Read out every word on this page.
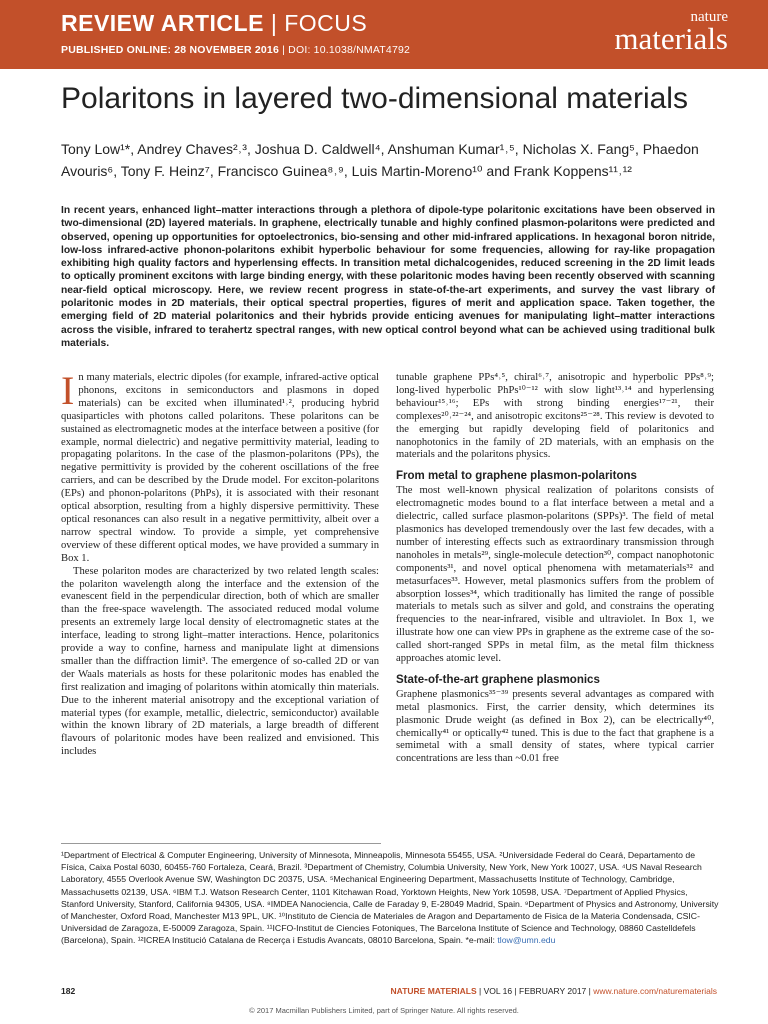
REVIEW ARTICLE | FOCUS
PUBLISHED ONLINE: 28 NOVEMBER 2016 | DOI: 10.1038/NMAT4792
nature
materials
Polaritons in layered two-dimensional materials
Tony Low¹*, Andrey Chaves²˒³, Joshua D. Caldwell⁴, Anshuman Kumar¹˒⁵, Nicholas X. Fang⁵, Phaedon Avouris⁶, Tony F. Heinz⁷, Francisco Guinea⁸˒⁹, Luis Martin-Moreno¹⁰ and Frank Koppens¹¹˒¹²
In recent years, enhanced light–matter interactions through a plethora of dipole-type polaritonic excitations have been observed in two-dimensional (2D) layered materials. In graphene, electrically tunable and highly confined plasmon-polaritons were predicted and observed, opening up opportunities for optoelectronics, bio-sensing and other mid-infrared applications. In hexagonal boron nitride, low-loss infrared-active phonon-polaritons exhibit hyperbolic behaviour for some frequencies, allowing for ray-like propagation exhibiting high quality factors and hyperlensing effects. In transition metal dichalcogenides, reduced screening in the 2D limit leads to optically prominent excitons with large binding energy, with these polaritonic modes having been recently observed with scanning near-field optical microscopy. Here, we review recent progress in state-of-the-art experiments, and survey the vast library of polaritonic modes in 2D materials, their optical spectral properties, figures of merit and application space. Taken together, the emerging field of 2D material polaritonics and their hybrids provide enticing avenues for manipulating light–matter interactions across the visible, infrared to terahertz spectral ranges, with new optical control beyond what can be achieved using traditional bulk materials.

In many materials, electric dipoles (for example, infrared-active optical phonons, excitons in semiconductors and plasmons in doped materials) can be excited when illuminated¹˒², producing hybrid quasiparticles with photons called polaritons. These polaritons can be sustained as electromagnetic modes at the interface between a positive (for example, normal dielectric) and negative permittivity material, leading to propagating polaritons. In the case of the plasmon-polaritons (PPs), the negative permittivity is provided by the coherent oscillations of the free carriers, and can be described by the Drude model. For exciton-polaritons (EPs) and phonon-polaritons (PhPs), it is associated with their resonant optical absorption, resulting from a highly dispersive permittivity. These optical resonances can also result in a negative permittivity, albeit over a narrow spectral window. To provide a simple, yet comprehensive overview of these different optical modes, we have provided a summary in Box 1.

These polariton modes are characterized by two related length scales: the polariton wavelength along the interface and the extension of the evanescent field in the perpendicular direction, both of which are smaller than the free-space wavelength. The associated reduced modal volume presents an extremely large local density of electromagnetic states at the interface, leading to strong light–matter interactions. Hence, polaritonics provide a way to confine, harness and manipulate light at dimensions smaller than the diffraction limit³. The emergence of so-called 2D or van der Waals materials as hosts for these polaritonic modes has enabled the first realization and imaging of polaritons within atomically thin materials. Due to the inherent material anisotropy and the exceptional variation of material types (for example, metallic, dielectric, semiconductor) available within the known library of 2D materials, a large breadth of different flavours of polaritonic modes have been realized and envisioned. This includes

tunable graphene PPs⁴˒⁵, chiral⁶˒⁷, anisotropic and hyperbolic PPs⁸˒⁹; long-lived hyperbolic PhPs¹⁰⁻¹² with slow light¹³˒¹⁴ and hyperlensing behaviour¹⁵˒¹⁶; EPs with strong binding energies¹⁷⁻²¹, their complexes²⁰˒²²⁻²⁴, and anisotropic excitons²⁵⁻²⁸. This review is devoted to the emerging but rapidly developing field of polaritonics and nanophotonics in the family of 2D materials, with an emphasis on the materials and the polaritons physics.

From metal to graphene plasmon-polaritons

The most well-known physical realization of polaritons consists of electromagnetic modes bound to a flat interface between a metal and a dielectric, called surface plasmon-polaritons (SPPs)³. The field of metal plasmonics has developed tremendously over the last few decades, with a number of interesting effects such as extraordinary transmission through nanoholes in metals²⁹, single-molecule detection³⁰, compact nanophotonic components³¹, and novel optical phenomena with metamaterials³² and metasurfaces³³. However, metal plasmonics suffers from the problem of absorption losses³⁴, which traditionally has limited the range of possible materials to metals such as silver and gold, and constrains the operating frequencies to the near-infrared, visible and ultraviolet. In Box 1, we illustrate how one can view PPs in graphene as the extreme case of the so-called short-ranged SPPs in metal film, as the metal film thickness approaches atomic level.

State-of-the-art graphene plasmonics

Graphene plasmonics³⁵⁻³⁹ presents several advantages as compared with metal plasmonics. First, the carrier density, which determines its plasmonic Drude weight (as defined in Box 2), can be electrically⁴⁰, chemically⁴¹ or optically⁴² tuned. This is due to the fact that graphene is a semimetal with a small density of states, where typical carrier concentrations are less than ~0.01 free

¹Department of Electrical & Computer Engineering, University of Minnesota, Minneapolis, Minnesota 55455, USA. ²Universidade Federal do Ceará, Departamento de Física, Caixa Postal 6030, 60455-760 Fortaleza, Ceará, Brazil. ³Department of Chemistry, Columbia University, New York, New York 10027, USA. ⁴US Naval Research Laboratory, 4555 Overlook Avenue SW, Washington DC 20375, USA. ⁵Mechanical Engineering Department, Massachusetts Institute of Technology, Cambridge, Massachusetts 02139, USA. ⁶IBM T.J. Watson Research Center, 1101 Kitchawan Road, Yorktown Heights, New York 10598, USA. ⁷Department of Applied Physics, Stanford University, Stanford, California 94305, USA. ⁸IMDEA Nanociencia, Calle de Faraday 9, E-28049 Madrid, Spain. ⁹Department of Physics and Astronomy, University of Manchester, Oxford Road, Manchester M13 9PL, UK. ¹⁰Instituto de Ciencia de Materiales de Aragon and Departamento de Fisica de la Materia Condensada, CSIC-Universidad de Zaragoza, E-50009 Zaragoza, Spain. ¹¹ICFO-Institut de Ciencies Fotoniques, The Barcelona Institute of Science and Technology, 08860 Castelldefels (Barcelona), Spain. ¹²ICREA Institució Catalana de Recerça i Estudis Avancats, 08010 Barcelona, Spain. *e-mail: tlow@umn.edu
182	NATURE MATERIALS | VOL 16 | FEBRUARY 2017 | www.nature.com/naturematerials
© 2017 Macmillan Publishers Limited, part of Springer Nature. All rights reserved.
